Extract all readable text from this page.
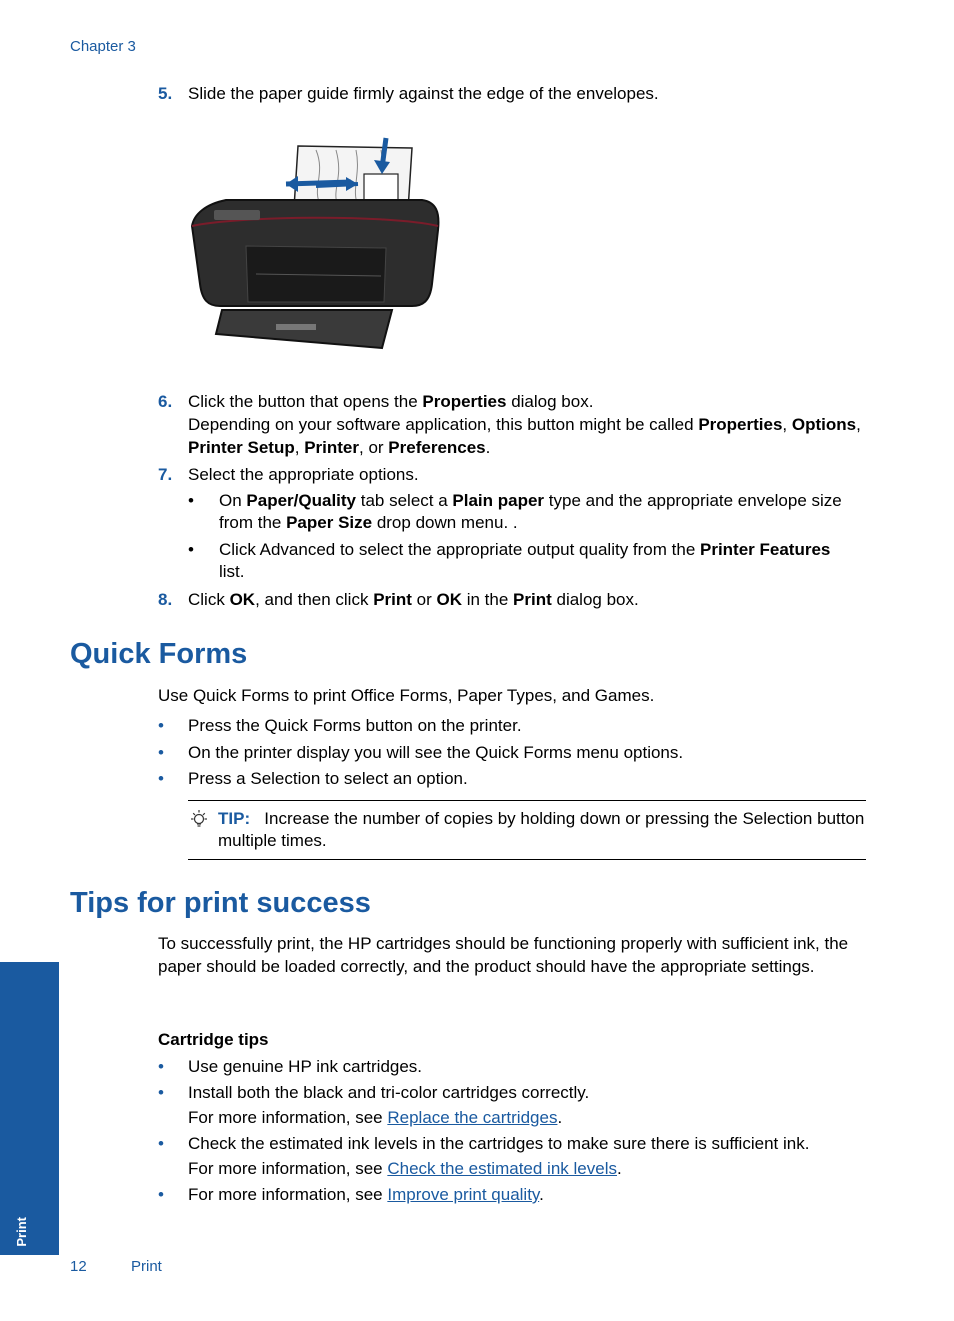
Chapter 3
5. Slide the paper guide firmly against the edge of the envelopes.
6. Click the button that opens the Properties dialog box.
Depending on your software application, this button might be called Properties, Options, Printer Setup, Printer, or Preferences.
7. Select the appropriate options.
• On Paper/Quality tab select a Plain paper type and the appropriate envelope size from the Paper Size drop down menu. .
• Click Advanced to select the appropriate output quality from the Printer Features list.
8. Click OK, and then click Print or OK in the Print dialog box.
Quick Forms
Use Quick Forms to print Office Forms, Paper Types, and Games.
• Press the Quick Forms button on the printer.
• On the printer display you will see the Quick Forms menu options.
• Press a Selection to select an option.
TIP: Increase the number of copies by holding down or pressing the Selection button multiple times.
Tips for print success
To successfully print, the HP cartridges should be functioning properly with sufficient ink, the paper should be loaded correctly, and the product should have the appropriate settings.
Cartridge tips
• Use genuine HP ink cartridges.
• Install both the black and tri-color cartridges correctly.
For more information, see Replace the cartridges.
• Check the estimated ink levels in the cartridges to make sure there is sufficient ink.
For more information, see Check the estimated ink levels.
• For more information, see Improve print quality.
Print
12	Print
